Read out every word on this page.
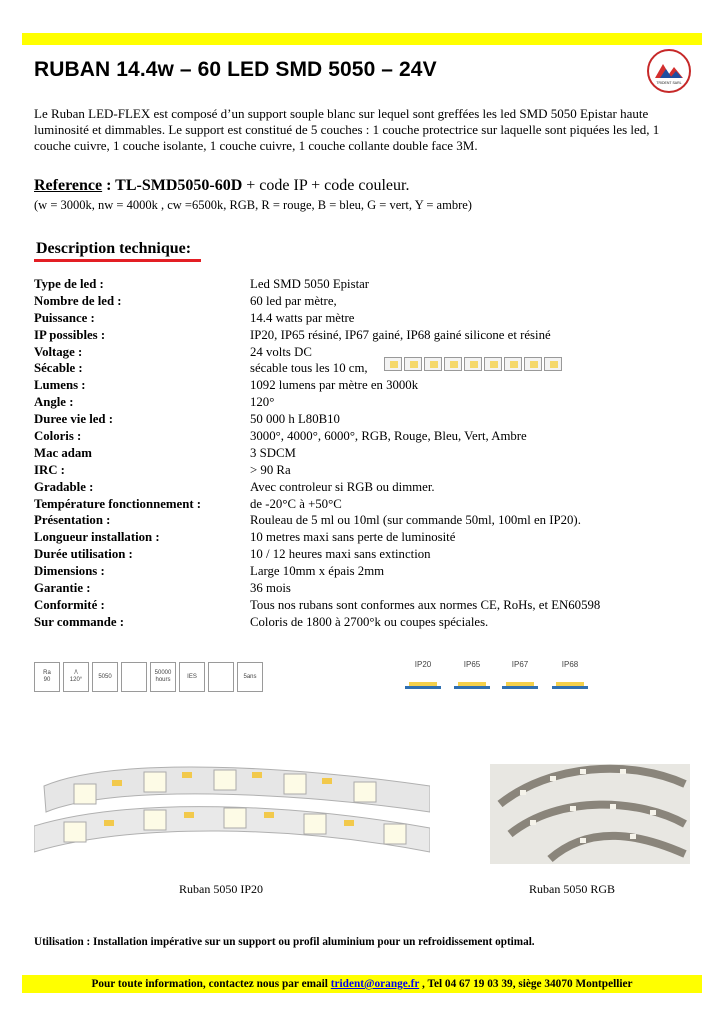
RUBAN 14.4w – 60 LED SMD 5050 – 24V
TRIDENT SARL

Le Ruban LED-FLEX est composé d’un support souple blanc sur lequel sont greffées les led SMD 5050 Epistar haute luminosité et dimmables. Le support est constitué de 5 couches : 1 couche protectrice sur laquelle sont piquées les led, 1 couche cuivre, 1 couche isolante, 1 couche cuivre, 1 couche collante double face 3M.

Reference : TL-SMD5050-60D + code IP + code couleur.
(w = 3000k, nw = 4000k , cw =6500k, RGB, R = rouge, B = bleu, G = vert, Y = ambre)
Description technique:
Type de led :	Led SMD 5050 Epistar
Nombre de led :	60 led par mètre,
Puissance :	14.4 watts par mètre
IP possibles :	IP20, IP65 résiné, IP67 gainé, IP68 gainé silicone et résiné
Voltage :	24 volts DC
Sécable :	sécable tous les 10 cm,
Lumens :	1092 lumens par mètre en 3000k
Angle :	120°
Duree vie led :	50 000 h L80B10
Coloris :	3000°, 4000°, 6000°, RGB, Rouge, Bleu, Vert, Ambre
Mac adam	3 SDCM
IRC :	> 90 Ra
Gradable :	Avec controleur si RGB ou dimmer.
Température fonctionnement :	de -20°C à +50°C
Présentation :	Rouleau de 5 ml ou 10ml (sur commande 50ml, 100ml en IP20).
Longueur installation :	10 metres maxi sans perte de luminosité
Durée utilisation :	10 / 12 heures maxi sans extinction
Dimensions :	Large 10mm x épais 2mm
Garantie :	36 mois
Conformité :	Tous nos rubans sont conformes aux normes CE, RoHs, et EN60598
Sur commande :	Coloris de 1800 à 2700°k ou coupes spéciales.
Ra
90
/\
120°
5050
50000
hours
IES	5ans
IP20	IP65	IP67	IP68
Ruban 5050 IP20	Ruban 5050 RGB
Utilisation : Installation impérative sur un support ou profil aluminium pour un refroidissement optimal.
Pour toute information, contactez nous par email trident@orange.fr , Tel 04 67 19 03 39, siège 34070 Montpellier
